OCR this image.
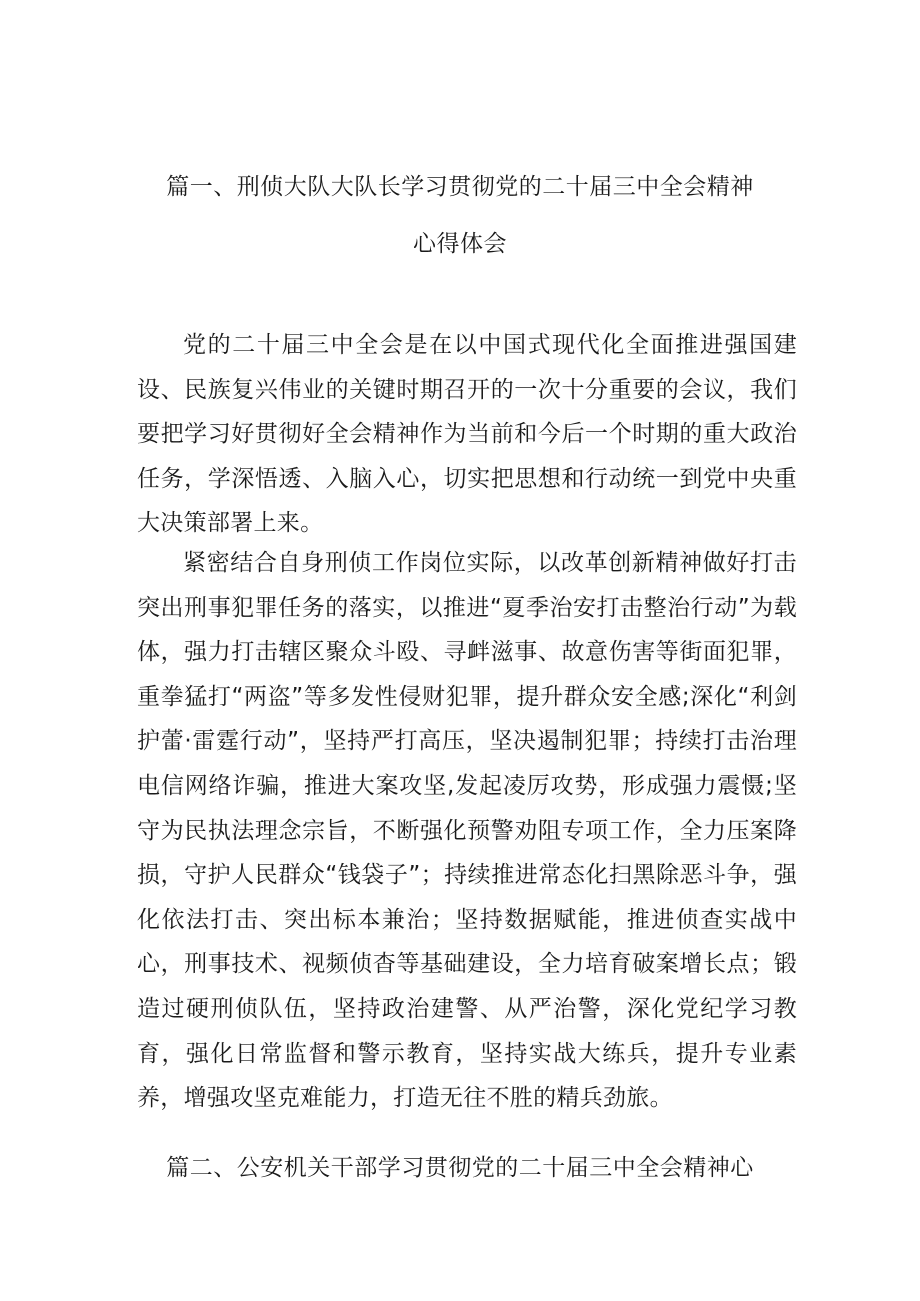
篇一、刑侦大队大队长学习贯彻党的二十届三中全会精神
心得体会

党的二十届三中全会是在以中国式现代化全面推进强国建设、民族复兴伟业的关键时期召开的一次十分重要的会议，我们要把学习好贯彻好全会精神作为当前和今后一个时期的重大政治任务，学深悟透、入脑入心，切实把思想和行动统一到党中央重大决策部署上来。

紧密结合自身刑侦工作岗位实际，以改革创新精神做好打击突出刑事犯罪任务的落实，以推进“夏季治安打击整治行动”为载体，强力打击辖区聚众斗殴、寻衅滋事、故意伤害等街面犯罪，重拳猛打“两盗”等多发性侵财犯罪，提升群众安全感;深化“利剑护蕾·雷霆行动”，坚持严打高压，坚决遏制犯罪；持续打击治理电信网络诈骗，推进大案攻坚,发起凌厉攻势，形成强力震慑;坚守为民执法理念宗旨，不断强化预警劝阻专项工作，全力压案降损，守护人民群众“钱袋子”；持续推进常态化扫黑除恶斗争，强化依法打击、突出标本兼治；坚持数据赋能，推进侦查实战中心，刑事技术、视频侦杳等基础建设，全力培育破案增长点；锻造过硬刑侦队伍，坚持政治建警、从严治警，深化党纪学习教育，强化日常监督和警示教育，坚持实战大练兵，提升专业素养，增强攻坚克难能力，打造无往不胜的精兵劲旅。

篇二、公安机关干部学习贯彻党的二十届三中全会精神心
